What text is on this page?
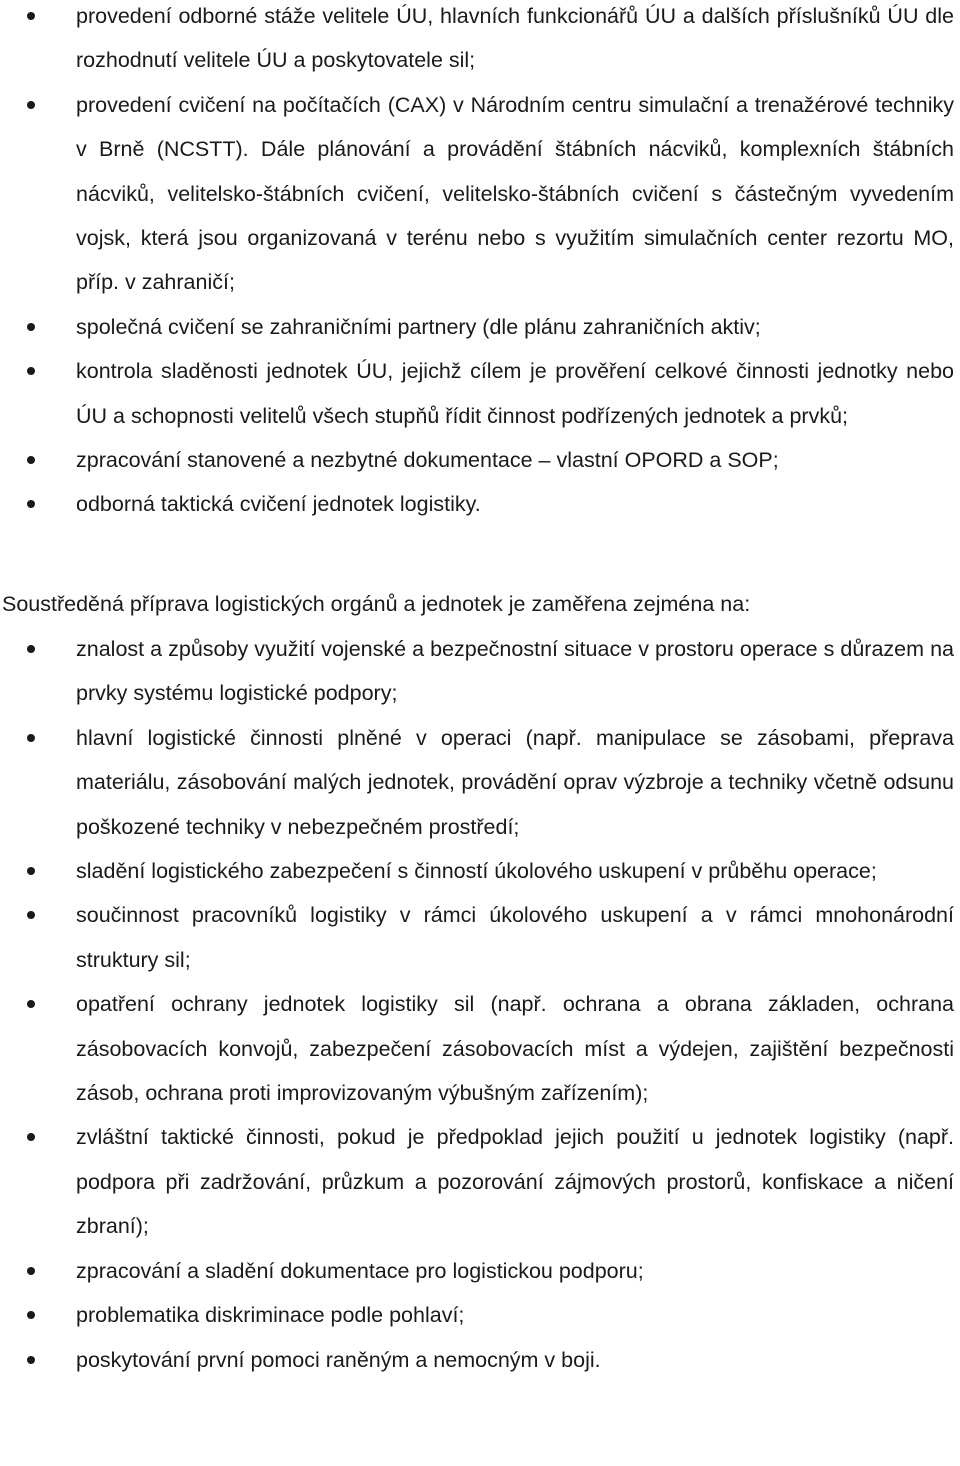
provedení odborné stáže velitele ÚU, hlavních funkcionářů ÚU a dalších příslušníků ÚU dle rozhodnutí velitele ÚU a poskytovatele sil;
provedení cvičení na počítačích (CAX) v Národním centru simulační a trenažérové techniky v Brně (NCSTT). Dále plánování a provádění štábních nácviků, komplexních štábních nácviků, velitelsko-štábních cvičení, velitelsko-štábních cvičení s částečným vyvedením vojsk, která jsou organizovaná v terénu nebo s využitím simulačních center rezortu MO, příp. v zahraničí;
společná cvičení se zahraničními partnery (dle plánu zahraničních aktiv;
kontrola sladěnosti jednotek ÚU, jejichž cílem je prověření celkové činnosti jednotky nebo ÚU a schopnosti velitelů všech stupňů řídit činnost podřízených jednotek a prvků;
zpracování stanovené a nezbytné dokumentace – vlastní OPORD a SOP;
odborná taktická cvičení jednotek logistiky.

Soustředěná příprava logistických orgánů a jednotek je zaměřena zejména na:

znalost a způsoby využití vojenské a bezpečnostní situace v prostoru operace s důrazem na prvky systému logistické podpory;
hlavní logistické činnosti plněné v operaci (např. manipulace se zásobami, přeprava materiálu, zásobování malých jednotek, provádění oprav výzbroje a techniky včetně odsunu poškozené techniky v nebezpečném prostředí;
sladění logistického zabezpečení s činností úkolového uskupení v průběhu operace;
součinnost pracovníků logistiky v rámci úkolového uskupení a v rámci mnohonárodní struktury sil;
opatření ochrany jednotek logistiky sil (např. ochrana a obrana základen, ochrana zásobovacích konvojů, zabezpečení zásobovacích míst a výdejen, zajištění bezpečnosti zásob, ochrana proti improvizovaným výbušným zařízením);
zvláštní taktické činnosti, pokud je předpoklad jejich použití u jednotek logistiky (např. podpora při zadržování, průzkum a pozorování zájmových prostorů, konfiskace a ničení zbraní);
zpracování a sladění dokumentace pro logistickou podporu;
problematika diskriminace podle pohlaví;
poskytování první pomoci raněným a nemocným v boji.
